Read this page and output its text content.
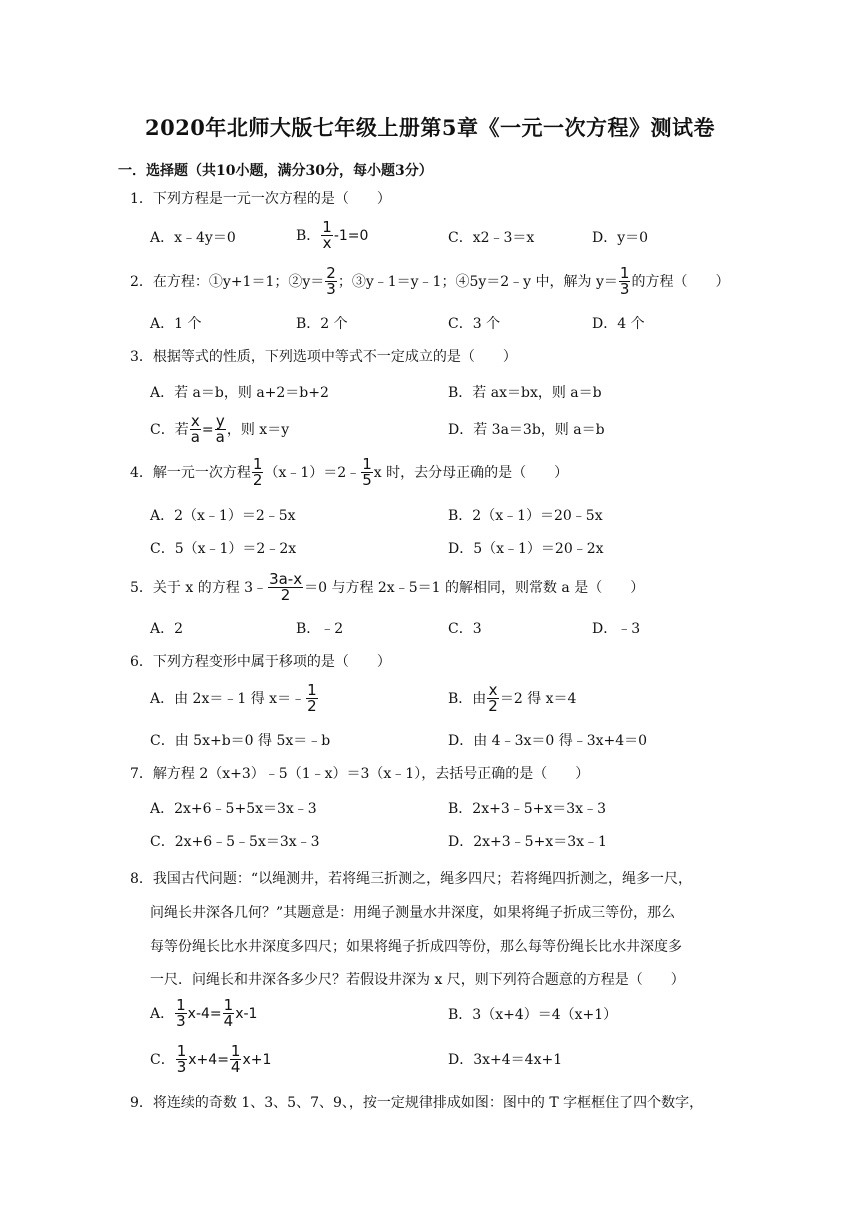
2020年北师大版七年级上册第5章《一元一次方程》测试卷
一．选择题（共10小题，满分30分，每小题3分）
1．下列方程是一元一次方程的是（　　）
A．x﹣4y＝0	B． $\frac{1}{x} -1=0$	C．x2﹣3＝x	D．y＝0
2．在方程：①y+1＝1；②y＝ $\frac{2}{3}$ ；③y﹣1＝y﹣1；④5y＝2﹣y 中，解为 $y= \frac{1}{3}$ 的方程（　　）
A．1 个	B．2 个	C．3 个	D．4 个
3．根据等式的性质，下列选项中等式不一定成立的是（　　）
A．若 a＝b，则 a+2＝b+2	B．若 ax＝bx，则 a＝b
C．若 $\frac{x}{a} = \frac{y}{a}$ ，则 x＝y	D．若 3a＝3b，则 a＝b
4．解一元一次方程 $\frac{1}{2}$ （x﹣1）＝2﹣ $\frac{1}{5}$ x 时，去分母正确的是（　　）
A．2（x﹣1）＝2﹣5x	B．2（x﹣1）＝20﹣5x
C．5（x﹣1）＝2﹣2x	D．5（x﹣1）＝20﹣2x
5．关于 x 的方程 3﹣ $\frac{3a-x}{2} =0$ 与方程 2x﹣5＝1 的解相同，则常数 a 是（　　）
A．2	B．﹣2	C．3	D．﹣3
6．下列方程变形中属于移项的是（　　）
A．由 2x＝﹣1 得 x＝﹣ $\frac{1}{2}$	B．由 $\frac{x}{2} =2$ 得 x＝4
C．由 5x+b＝0 得 5x＝﹣b	D．由 4﹣3x＝0 得﹣3x+4＝0
7．解方程 2（x+3）﹣5（1﹣x）＝3（x﹣1），去括号正确的是（　　）
A．2x+6﹣5+5x＝3x﹣3	B．2x+3﹣5+x＝3x﹣3
C．2x+6﹣5﹣5x＝3x﹣3	D．2x+3﹣5+x＝3x﹣1
8．我国古代问题：“以绳测井，若将绳三折测之，绳多四尺；若将绳四折测之，绳多一尺，
问绳长井深各几何？”其题意是：用绳子测量水井深度，如果将绳子折成三等份，那么
每等份绳长比水井深度多四尺；如果将绳子折成四等份，那么每等份绳长比水井深度多
一尺．问绳长和井深各多少尺？若假设井深为 x 尺，则下列符合题意的方程是（　　）
A． $\frac{1}{3} x-4= \frac{1}{4} x-1$	B．3（x+4）＝4（x+1）
C． $\frac{1}{3} x+4= \frac{1}{4} x+1$	D．3x+4＝4x+1
9．将连续的奇数 1、3、5、7、9、，按一定规律排成如图：图中的 T 字框框住了四个数字，
